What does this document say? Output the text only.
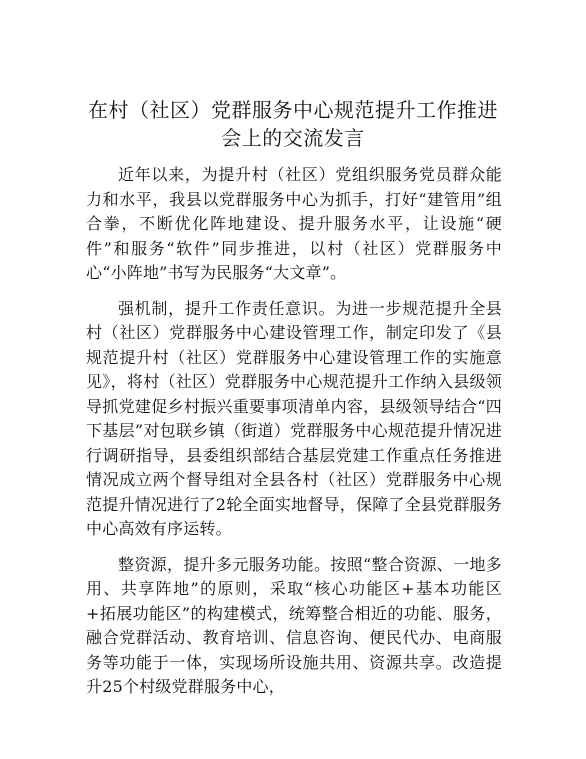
在村（社区）党群服务中心规范提升工作推进会上的交流发言

近年以来，为提升村（社区）党组织服务党员群众能力和水平，我县以党群服务中心为抓手，打好“建管用”组合拳，不断优化阵地建设、提升服务水平，让设施“硬件”和服务“软件”同步推进，以村（社区）党群服务中心“小阵地”书写为民服务“大文章”。

强机制，提升工作责任意识。为进一步规范提升全县村（社区）党群服务中心建设管理工作，制定印发了《县规范提升村（社区）党群服务中心建设管理工作的实施意见》，将村（社区）党群服务中心规范提升工作纳入县级领导抓党建促乡村振兴重要事项清单内容，县级领导结合“四下基层”对包联乡镇（街道）党群服务中心规范提升情况进行调研指导，县委组织部结合基层党建工作重点任务推进情况成立两个督导组对全县各村（社区）党群服务中心规范提升情况进行了2轮全面实地督导，保障了全县党群服务中心高效有序运转。

整资源，提升多元服务功能。按照“整合资源、一地多用、共享阵地”的原则，采取“核心功能区+基本功能区+拓展功能区”的构建模式，统筹整合相近的功能、服务，融合党群活动、教育培训、信息咨询、便民代办、电商服务等功能于一体，实现场所设施共用、资源共享。改造提升25个村级党群服务中心，
